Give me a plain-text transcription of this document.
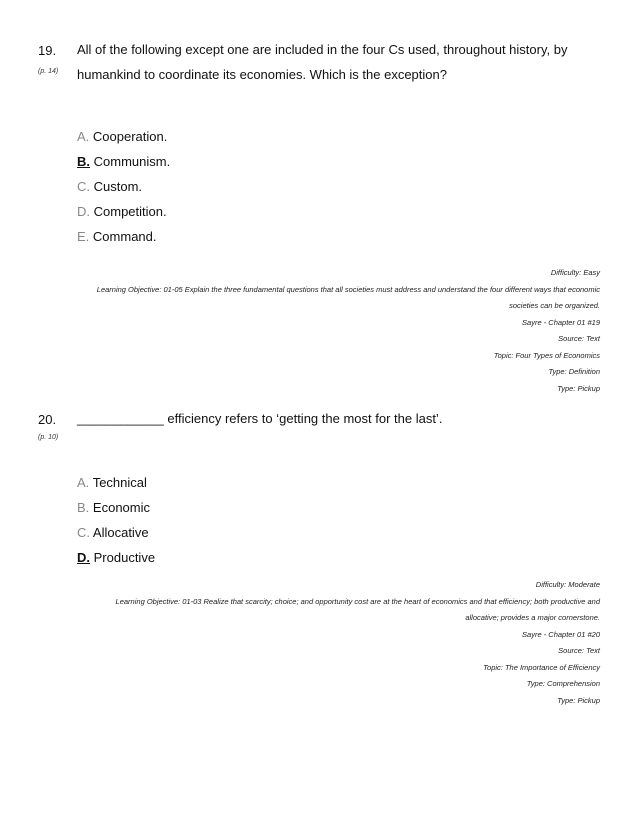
19.
(p. 14)
All of the following except one are included in the four Cs used, throughout history, by
humankind to coordinate its economies. Which is the exception?
A. Cooperation.
B. Communism.
C. Custom.
D. Competition.
E. Command.
Difficulty: Easy
Learning Objective: 01-05 Explain the three fundamental questions that all societies must address and understand the four different ways that economic
societies can be organized.
Sayre - Chapter 01 #19
Source: Text
Topic: Four Types of Economics
Type: Definition
Type: Pickup
20.
(p. 10)
____________ efficiency refers to ‘getting the most for the last’.
A. Technical
B. Economic
C. Allocative
D. Productive
Difficulty: Moderate
Learning Objective: 01-03 Realize that scarcity; choice; and opportunity cost are at the heart of economics and that efficiency; both productive and
allocative; provides a major cornerstone.
Sayre - Chapter 01 #20
Source: Text
Topic: The Importance of Efficiency
Type: Comprehension
Type: Pickup
